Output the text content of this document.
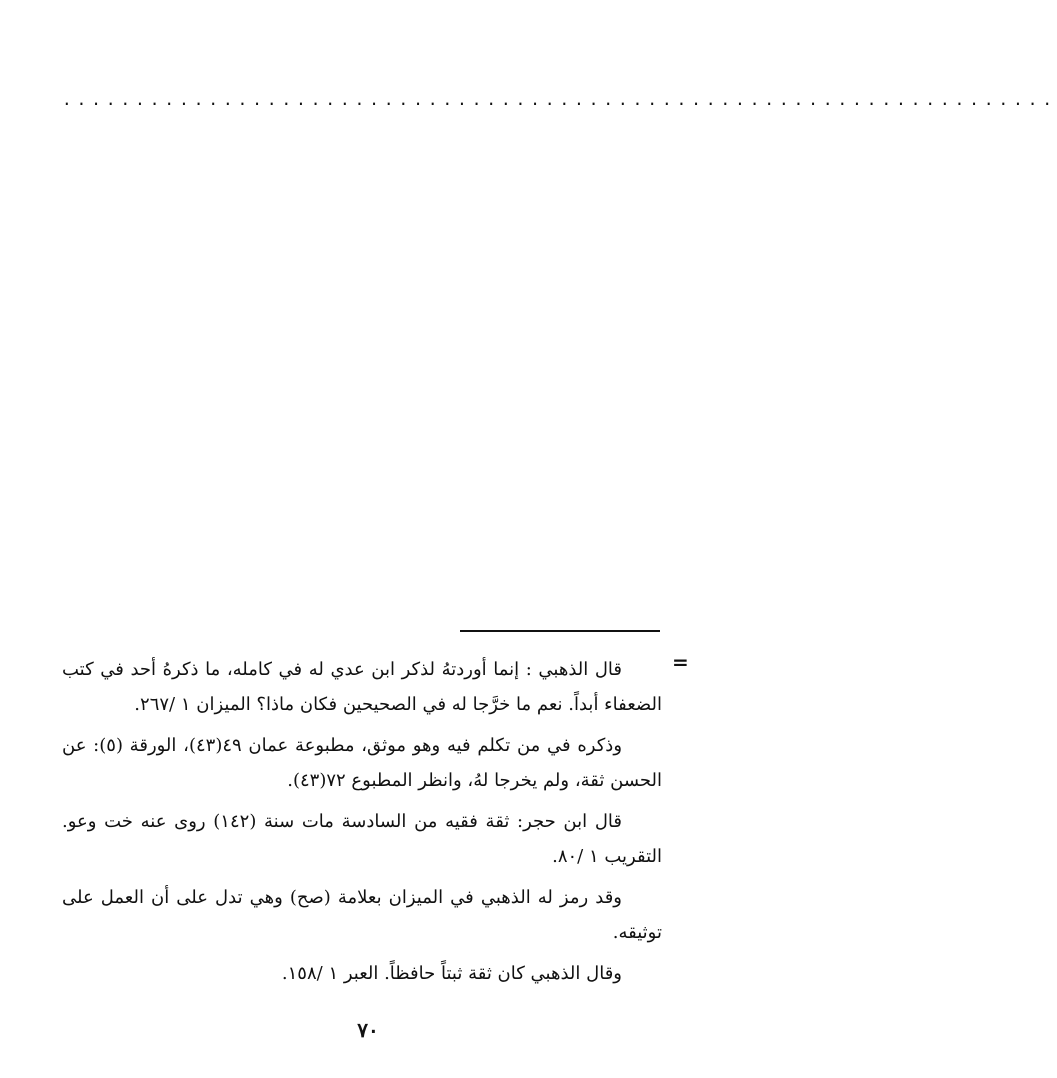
....................................................................
=

قال الذهبي : إنما أوردتهُ لذكر ابن عدي له في كامله، ما ذكرهُ أحد في كتب الضعفاء أبداً. نعم ما خرَّجا له في الصحيحين فكان ماذا؟ الميزان ١ /٢٦٧.

وذكره في من تكلم فيه وهو موثق، مطبوعة عمان ٤٩(٤٣)، الورقة (٥): عن الحسن ثقة، ولم يخرجا لهُ، وانظر المطبوع ٧٢(٤٣).

قال ابن حجر: ثقة فقيه من السادسة مات سنة (١٤٢) روى عنه خت وعو. التقريب ١ /٨٠.

وقد رمز له الذهبي في الميزان بعلامة (صح) وهي تدل على أن العمل على توثيقه.

وقال الذهبي كان ثقة ثبتاً حافظاً. العبر ١ /١٥٨.

٧٠
